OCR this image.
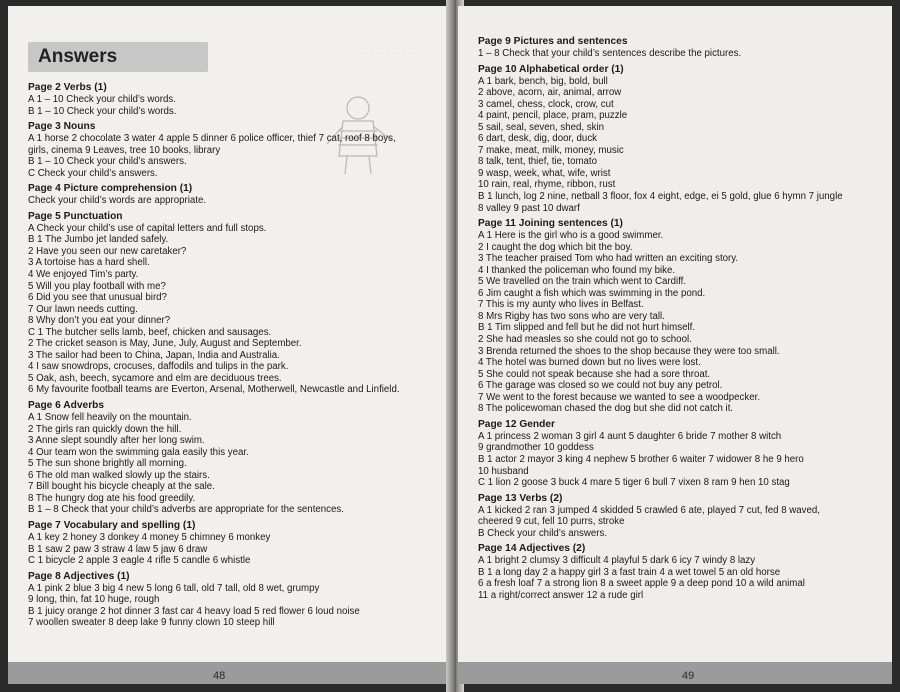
· · · · · · · · · · · · · ·
Answers
Page 2 Verbs (1)
A 1 – 10 Check your child’s words.
B 1 – 10 Check your child’s words.
Page 3 Nouns
A 1 horse 2 chocolate 3 water 4 apple 5 dinner 6 police officer, thief 7 cat, roof 8 boys,
girls, cinema 9 Leaves, tree 10 books, library
B 1 – 10 Check your child’s answers.
C Check your child’s answers.
Page 4 Picture comprehension (1)
Check your child’s words are appropriate.
Page 5 Punctuation
A Check your child’s use of capital letters and full stops.
B 1 The Jumbo jet landed safely.
2 Have you seen our new caretaker?
3 A tortoise has a hard shell.
4 We enjoyed Tim’s party.
5 Will you play football with me?
6 Did you see that unusual bird?
7 Our lawn needs cutting.
8 Why don’t you eat your dinner?
C 1 The butcher sells lamb, beef, chicken and sausages.
2 The cricket season is May, June, July, August and September.
3 The sailor had been to China, Japan, India and Australia.
4 I saw snowdrops, crocuses, daffodils and tulips in the park.
5 Oak, ash, beech, sycamore and elm are deciduous trees.
6 My favourite football teams are Everton, Arsenal, Motherwell, Newcastle and Linfield.
Page 6 Adverbs
A 1 Snow fell heavily on the mountain.
2 The girls ran quickly down the hill.
3 Anne slept soundly after her long swim.
4 Our team won the swimming gala easily this year.
5 The sun shone brightly all morning.
6 The old man walked slowly up the stairs.
7 Bill bought his bicycle cheaply at the sale.
8 The hungry dog ate his food greedily.
B 1 – 8 Check that your child’s adverbs are appropriate for the sentences.
Page 7 Vocabulary and spelling (1)
A 1 key 2 honey 3 donkey 4 money 5 chimney 6 monkey
B 1 saw 2 paw 3 straw 4 law 5 jaw 6 draw
C 1 bicycle 2 apple 3 eagle 4 rifle 5 candle 6 whistle
Page 8 Adjectives (1)
A 1 pink 2 blue 3 big 4 new 5 long 6 tall, old 7 tall, old 8 wet, grumpy
9 long, thin, fat 10 huge, rough
B 1 juicy orange 2 hot dinner 3 fast car 4 heavy load 5 red flower 6 loud noise
7 woollen sweater 8 deep lake 9 funny clown 10 steep hill
48
Page 9 Pictures and sentences
1 – 8 Check that your child’s sentences describe the pictures.
Page 10 Alphabetical order (1)
A 1 bark, bench, big, bold, bull
2 above, acorn, air, animal, arrow
3 camel, chess, clock, crow, cut
4 paint, pencil, place, pram, puzzle
5 sail, seal, seven, shed, skin
6 dart, desk, dig, door, duck
7 make, meat, milk, money, music
8 talk, tent, thief, tie, tomato
9 wasp, week, what, wife, wrist
10 rain, real, rhyme, ribbon, rust
B 1 lunch, log 2 nine, netball 3 floor, fox 4 eight, edge, ei 5 gold, glue 6 hymn 7 jungle
8 valley 9 past 10 dwarf
Page 11 Joining sentences (1)
A 1 Here is the girl who is a good swimmer.
2 I caught the dog which bit the boy.
3 The teacher praised Tom who had written an exciting story.
4 I thanked the policeman who found my bike.
5 We travelled on the train which went to Cardiff.
6 Jim caught a fish which was swimming in the pond.
7 This is my aunty who lives in Belfast.
8 Mrs Rigby has two sons who are very tall.
B 1 Tim slipped and fell but he did not hurt himself.
2 She had measles so she could not go to school.
3 Brenda returned the shoes to the shop because they were too small.
4 The hotel was burned down but no lives were lost.
5 She could not speak because she had a sore throat.
6 The garage was closed so we could not buy any petrol.
7 We went to the forest because we wanted to see a woodpecker.
8 The policewoman chased the dog but she did not catch it.
Page 12 Gender
A 1 princess 2 woman 3 girl 4 aunt 5 daughter 6 bride 7 mother 8 witch
9 grandmother 10 goddess
B 1 actor 2 mayor 3 king 4 nephew 5 brother 6 waiter 7 widower 8 he 9 hero
10 husband
C 1 lion 2 goose 3 buck 4 mare 5 tiger 6 bull 7 vixen 8 ram 9 hen 10 stag
Page 13 Verbs (2)
A 1 kicked 2 ran 3 jumped 4 skidded 5 crawled 6 ate, played 7 cut, fed 8 waved,
cheered 9 cut, fell 10 purrs, stroke
B Check your child’s answers.
Page 14 Adjectives (2)
A 1 bright 2 clumsy 3 difficult 4 playful 5 dark 6 icy 7 windy 8 lazy
B 1 a long day 2 a happy girl 3 a fast train 4 a wet towel 5 an old horse
6 a fresh loaf 7 a strong lion 8 a sweet apple 9 a deep pond 10 a wild animal
11 a right/correct answer 12 a rude girl
49
